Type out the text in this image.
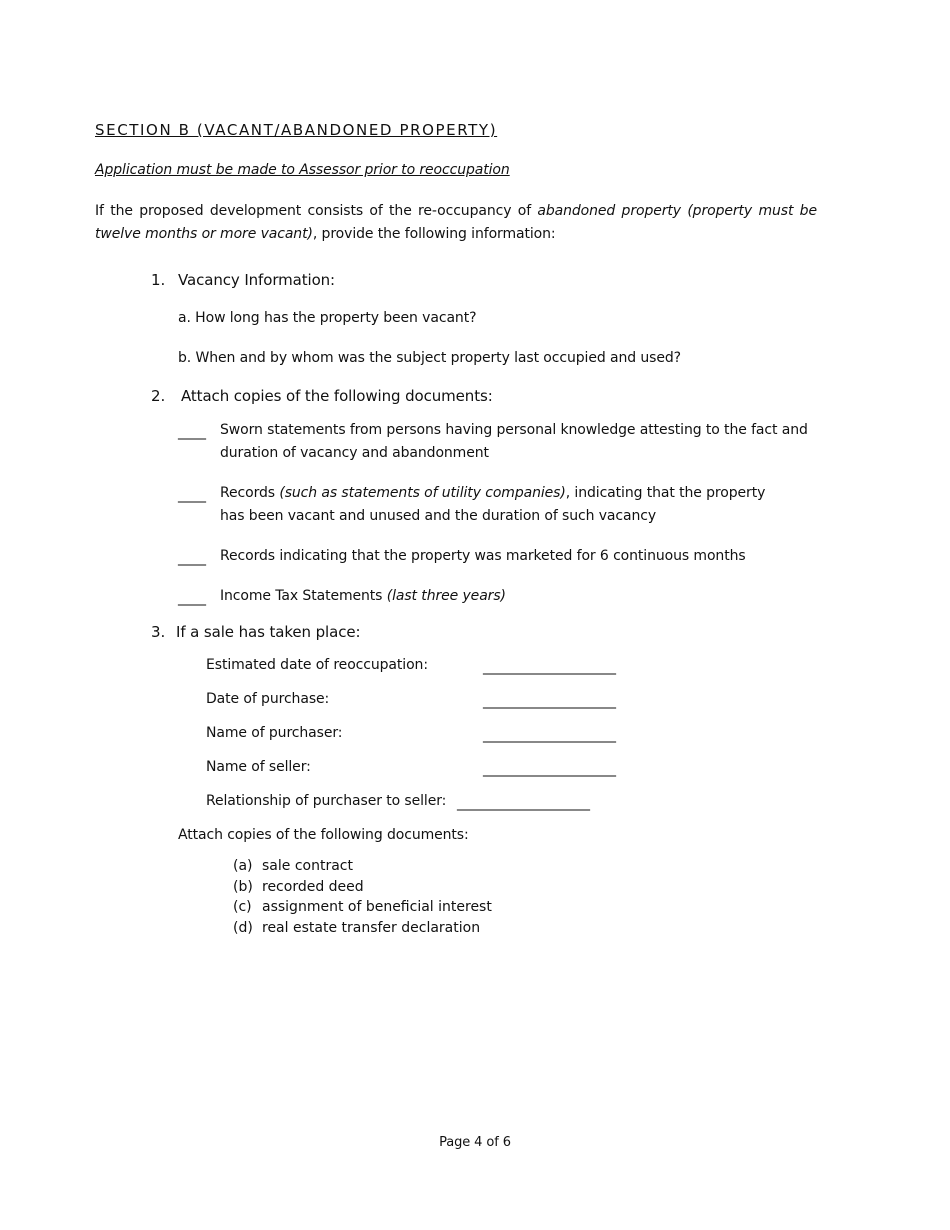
SECTION B (VACANT/ABANDONED PROPERTY)
Application must be made to Assessor prior to reoccupation
If the proposed development consists of the re-occupancy of abandoned property (property must be twelve months or more vacant), provide the following information:
1. Vacancy Information:
a. How long has the property been vacant?
b. When and by whom was the subject property last occupied and used?
2. Attach copies of the following documents:
____ Sworn statements from persons having personal knowledge attesting to the fact and
duration of vacancy and abandonment
____ Records (such as statements of utility companies), indicating that the property
has been vacant and unused and the duration of such vacancy
____ Records indicating that the property was marketed for 6 continuous months
____ Income Tax Statements (last three years)
3. If a sale has taken place:
Estimated date of reoccupation:	___________________
Date of purchase:	___________________
Name of purchaser:	___________________
Name of seller:	___________________
Relationship of purchaser to seller: ___________________
Attach copies of the following documents:
(a) sale contract
(b) recorded deed
(c) assignment of beneficial interest
(d) real estate transfer declaration
Page 4 of 6
